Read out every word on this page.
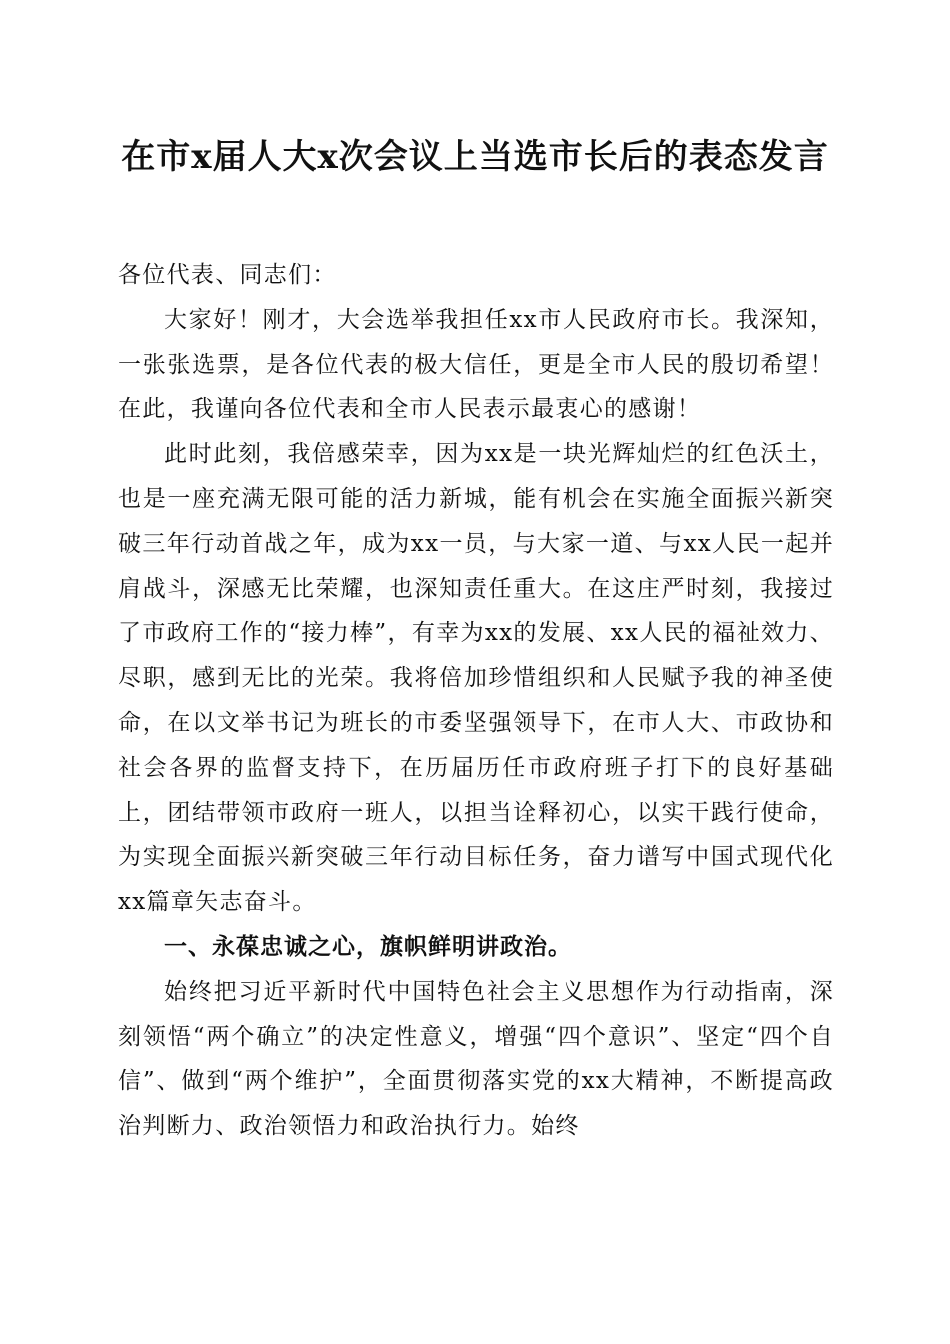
在市x届人大x次会议上当选市长后的表态发言

各位代表、同志们：

大家好！刚才，大会选举我担任xx市人民政府市长。我深知，一张张选票，是各位代表的极大信任，更是全市人民的殷切希望！在此，我谨向各位代表和全市人民表示最衷心的感谢！

此时此刻，我倍感荣幸，因为xx是一块光辉灿烂的红色沃土，也是一座充满无限可能的活力新城，能有机会在实施全面振兴新突破三年行动首战之年，成为xx一员，与大家一道、与xx人民一起并肩战斗，深感无比荣耀，也深知责任重大。在这庄严时刻，我接过了市政府工作的“接力棒”，有幸为xx的发展、xx人民的福祉效力、尽职，感到无比的光荣。我将倍加珍惜组织和人民赋予我的神圣使命，在以文举书记为班长的市委坚强领导下，在市人大、市政协和社会各界的监督支持下，在历届历任市政府班子打下的良好基础上，团结带领市政府一班人，以担当诠释初心，以实干践行使命，为实现全面振兴新突破三年行动目标任务，奋力谱写中国式现代化xx篇章矢志奋斗。

一、永葆忠诚之心，旗帜鲜明讲政治。

始终把习近平新时代中国特色社会主义思想作为行动指南，深刻领悟“两个确立”的决定性意义，增强“四个意识”、坚定“四个自信”、做到“两个维护”，全面贯彻落实党的xx大精神，不断提高政治判断力、政治领悟力和政治执行力。始终
